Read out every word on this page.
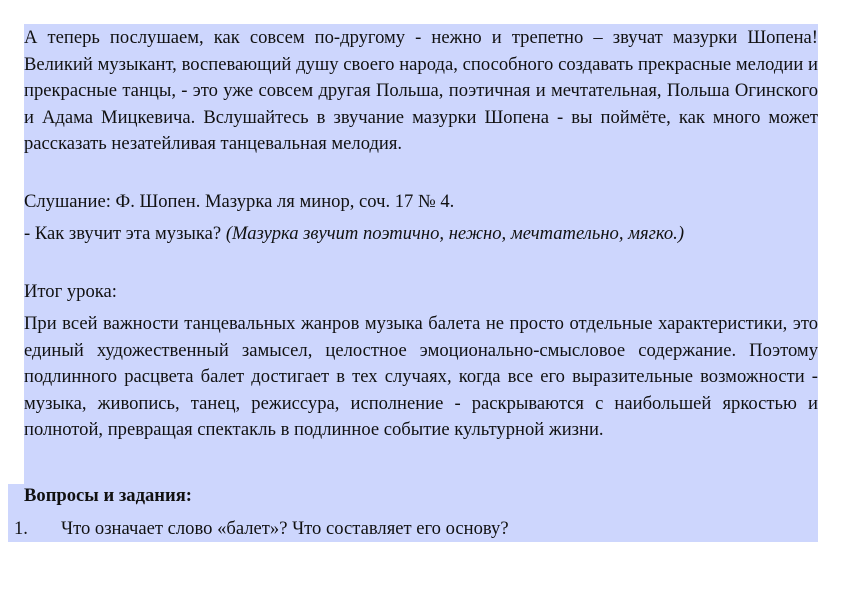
А теперь послушаем, как совсем по-другому - нежно и трепетно – звучат мазурки Шопена! Великий музыкант, воспевающий душу своего народа, способного создавать прекрасные мелодии и прекрасные танцы, - это уже совсем другая Польша, поэтичная и мечтательная, Польша Огинского и Адама Мицкевича. Вслушайтесь в звучание мазурки Шопена - вы поймёте, как много может рассказать незатейливая танцевальная мелодия.

Слушание: Ф. Шопен. Мазурка ля минор, соч. 17 № 4.

- Как звучит эта музыка? (Мазурка звучит поэтично, нежно, мечтательно, мягко.)

Итог урока:

При всей важности танцевальных жанров музыка балета не просто отдельные характеристики, это единый художественный замысел, целостное эмоционально-смысловое содержание. Поэтому подлинного расцвета балет достигает в тех случаях, когда все его выразительные возможности - музыка, живопись, танец, режиссура, исполнение - раскрываются с наибольшей яркостью и полнотой, превращая спектакль в подлинное событие культурной жизни.

Вопросы и задания:

1. Что означает слово «балет»? Что составляет его основу?
